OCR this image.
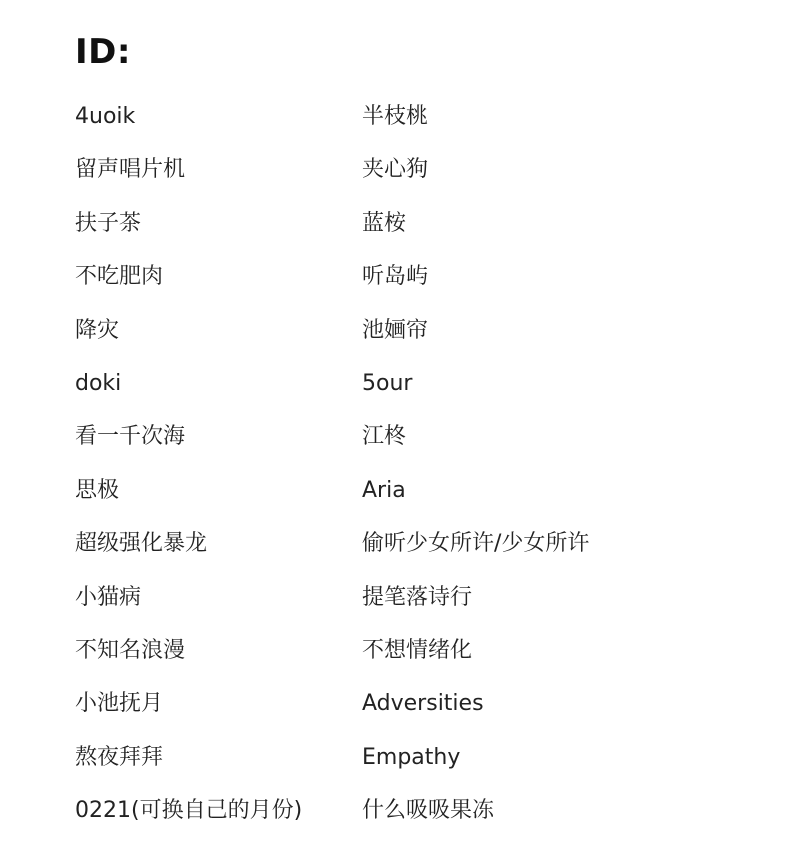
ID:
4uoik	半枝桃
留声唱片机	夹心狗
扶子茶	蓝桉
不吃肥肉	听岛屿
降灾	池婳帘
doki	5our
看一千次海	江柊
思极	Aria
超级强化暴龙	偷听少女所许/少女所许
小猫病	提笔落诗行
不知名浪漫	不想情绪化
小池抚月	Adversities
熬夜拜拜	Empathy
0221(可换自己的月份)	什么吸吸果冻
